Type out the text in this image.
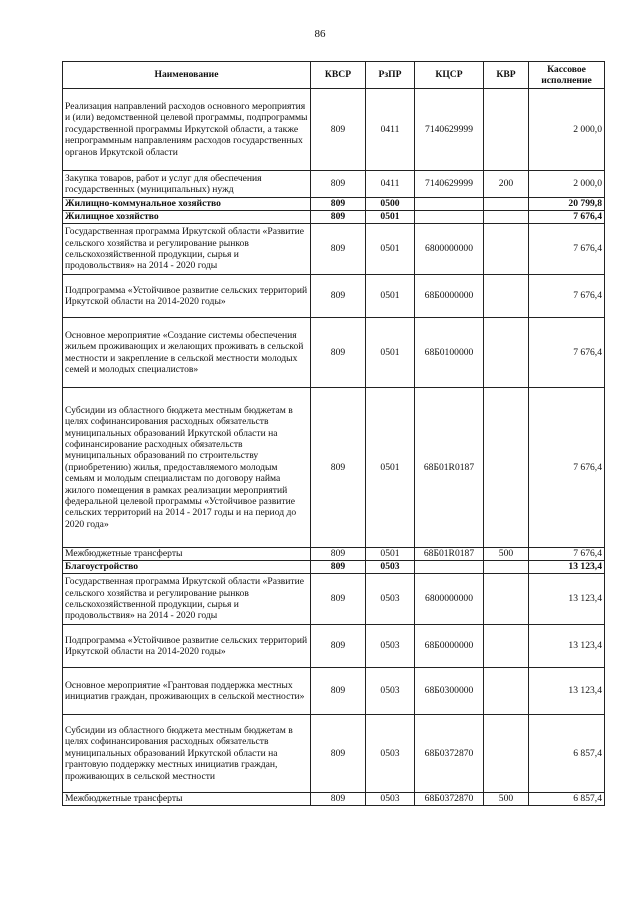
86
Наименование	КВСР	РзПР	КЦСР	КВР	Кассовое исполнение
Реализация направлений расходов основного мероприятия и (или) ведомственной целевой программы, подпрограммы государственной программы Иркутской области, а также непрограммным направлениям расходов государственных органов Иркутской области	809	0411	7140629999		2 000,0
Закупка товаров, работ и услуг для обеспечения государственных (муниципальных) нужд	809	0411	7140629999	200	2 000,0
Жилищно-коммунальное хозяйство	809	0500			20 799,8
Жилищное хозяйство	809	0501			7 676,4
Государственная программа Иркутской области «Развитие сельского хозяйства и регулирование рынков сельскохозяйственной продукции, сырья и продовольствия» на 2014 - 2020 годы	809	0501	6800000000		7 676,4
Подпрограмма «Устойчивое развитие сельских территорий Иркутской области на 2014-2020 годы»	809	0501	68Б0000000		7 676,4
Основное мероприятие «Создание системы обеспечения жильем проживающих и желающих проживать в сельской местности и закрепление в сельской местности молодых семей и молодых специалистов»	809	0501	68Б0100000		7 676,4
Субсидии из областного бюджета местным бюджетам в целях софинансирования расходных обязательств муниципальных образований Иркутской области на софинансирование расходных обязательств муниципальных образований по строительству (приобретению) жилья, предоставляемого молодым семьям и молодым специалистам по договору найма жилого помещения в рамках реализации мероприятий федеральной целевой программы «Устойчивое развитие сельских территорий на 2014 - 2017 годы и на период до 2020 года»	809	0501	68Б01R0187		7 676,4
Межбюджетные трансферты	809	0501	68Б01R0187	500	7 676,4
Благоустройство	809	0503			13 123,4
Государственная программа Иркутской области «Развитие сельского хозяйства и регулирование рынков сельскохозяйственной продукции, сырья и продовольствия» на 2014 - 2020 годы	809	0503	6800000000		13 123,4
Подпрограмма «Устойчивое развитие сельских территорий Иркутской области на 2014-2020 годы»	809	0503	68Б0000000		13 123,4
Основное мероприятие «Грантовая поддержка местных инициатив граждан, проживающих в сельской местности»	809	0503	68Б0300000		13 123,4
Субсидии из областного бюджета местным бюджетам в целях софинансирования расходных обязательств муниципальных образований Иркутской области на грантовую поддержку местных инициатив граждан, проживающих в сельской местности	809	0503	68Б0372870		6 857,4
Межбюджетные трансферты	809	0503	68Б0372870	500	6 857,4
